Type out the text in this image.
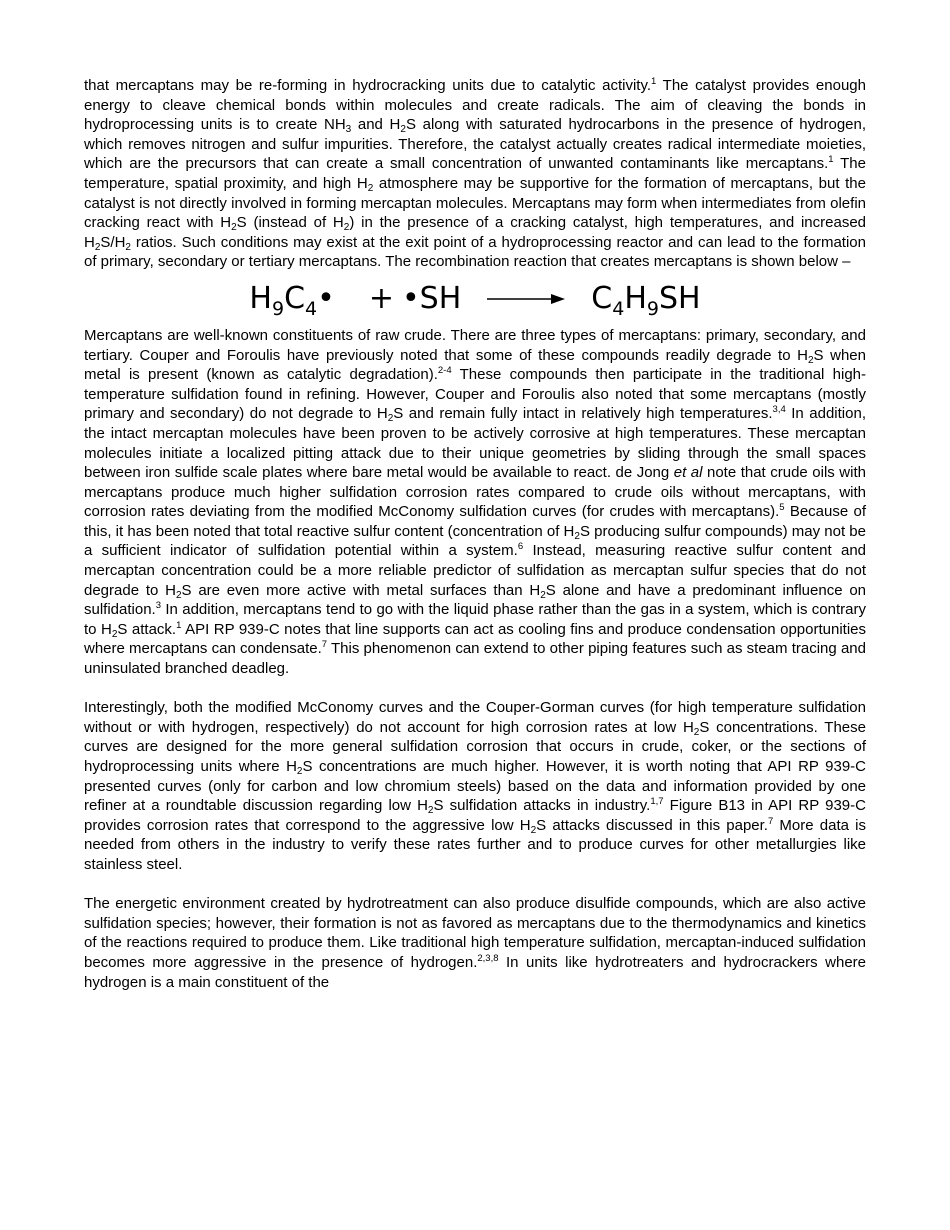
that mercaptans may be re-forming in hydrocracking units due to catalytic activity.$^1$ The catalyst provides enough energy to cleave chemical bonds within molecules and create radicals. The aim of cleaving the bonds in hydroprocessing units is to create $NH_3$ and $H_2S$ along with saturated hydrocarbons in the presence of hydrogen, which removes nitrogen and sulfur impurities. Therefore, the catalyst actually creates radical intermediate moieties, which are the precursors that can create a small concentration of unwanted contaminants like mercaptans.$^1$ The temperature, spatial proximity, and high $H_2$ atmosphere may be supportive for the formation of mercaptans, but the catalyst is not directly involved in forming mercaptan molecules. Mercaptans may form when intermediates from olefin cracking react with $H_2S$ (instead of $H_2$) in the presence of a cracking catalyst, high temperatures, and increased $H_2S/H_2$ ratios. Such conditions may exist at the exit point of a hydroprocessing reactor and can lead to the formation of primary, secondary or tertiary mercaptans. The recombination reaction that creates mercaptans is shown below –

$H_9C_4•$ + •SH → $C_4H_9SH$

Mercaptans are well-known constituents of raw crude. There are three types of mercaptans: primary, secondary, and tertiary. Couper and Foroulis have previously noted that some of these compounds readily degrade to $H_2S$ when metal is present (known as catalytic degradation).$^{2-4}$ These compounds then participate in the traditional high-temperature sulfidation found in refining. However, Couper and Foroulis also noted that some mercaptans (mostly primary and secondary) do not degrade to $H_2S$ and remain fully intact in relatively high temperatures.$^{3,4}$ In addition, the intact mercaptan molecules have been proven to be actively corrosive at high temperatures. These mercaptan molecules initiate a localized pitting attack due to their unique geometries by sliding through the small spaces between iron sulfide scale plates where bare metal would be available to react. de Jong et al note that crude oils with mercaptans produce much higher sulfidation corrosion rates compared to crude oils without mercaptans, with corrosion rates deviating from the modified McConomy sulfidation curves (for crudes with mercaptans).$^5$ Because of this, it has been noted that total reactive sulfur content (concentration of $H_2S$ producing sulfur compounds) may not be a sufficient indicator of sulfidation potential within a system.$^6$ Instead, measuring reactive sulfur content and mercaptan concentration could be a more reliable predictor of sulfidation as mercaptan sulfur species that do not degrade to $H_2S$ are even more active with metal surfaces than $H_2S$ alone and have a predominant influence on sulfidation.$^3$ In addition, mercaptans tend to go with the liquid phase rather than the gas in a system, which is contrary to $H_2S$ attack.$^1$ API RP 939-C notes that line supports can act as cooling fins and produce condensation opportunities where mercaptans can condensate.$^7$ This phenomenon can extend to other piping features such as steam tracing and uninsulated branched deadleg.

Interestingly, both the modified McConomy curves and the Couper-Gorman curves (for high temperature sulfidation without or with hydrogen, respectively) do not account for high corrosion rates at low $H_2S$ concentrations. These curves are designed for the more general sulfidation corrosion that occurs in crude, coker, or the sections of hydroprocessing units where $H_2S$ concentrations are much higher. However, it is worth noting that API RP 939-C presented curves (only for carbon and low chromium steels) based on the data and information provided by one refiner at a roundtable discussion regarding low $H_2S$ sulfidation attacks in industry.$^{1,7}$ Figure B13 in API RP 939-C provides corrosion rates that correspond to the aggressive low $H_2S$ attacks discussed in this paper.$^7$ More data is needed from others in the industry to verify these rates further and to produce curves for other metallurgies like stainless steel.

The energetic environment created by hydrotreatment can also produce disulfide compounds, which are also active sulfidation species; however, their formation is not as favored as mercaptans due to the thermodynamics and kinetics of the reactions required to produce them. Like traditional high temperature sulfidation, mercaptan-induced sulfidation becomes more aggressive in the presence of hydrogen.$^{2,3,8}$ In units like hydrotreaters and hydrocrackers where hydrogen is a main constituent of the
